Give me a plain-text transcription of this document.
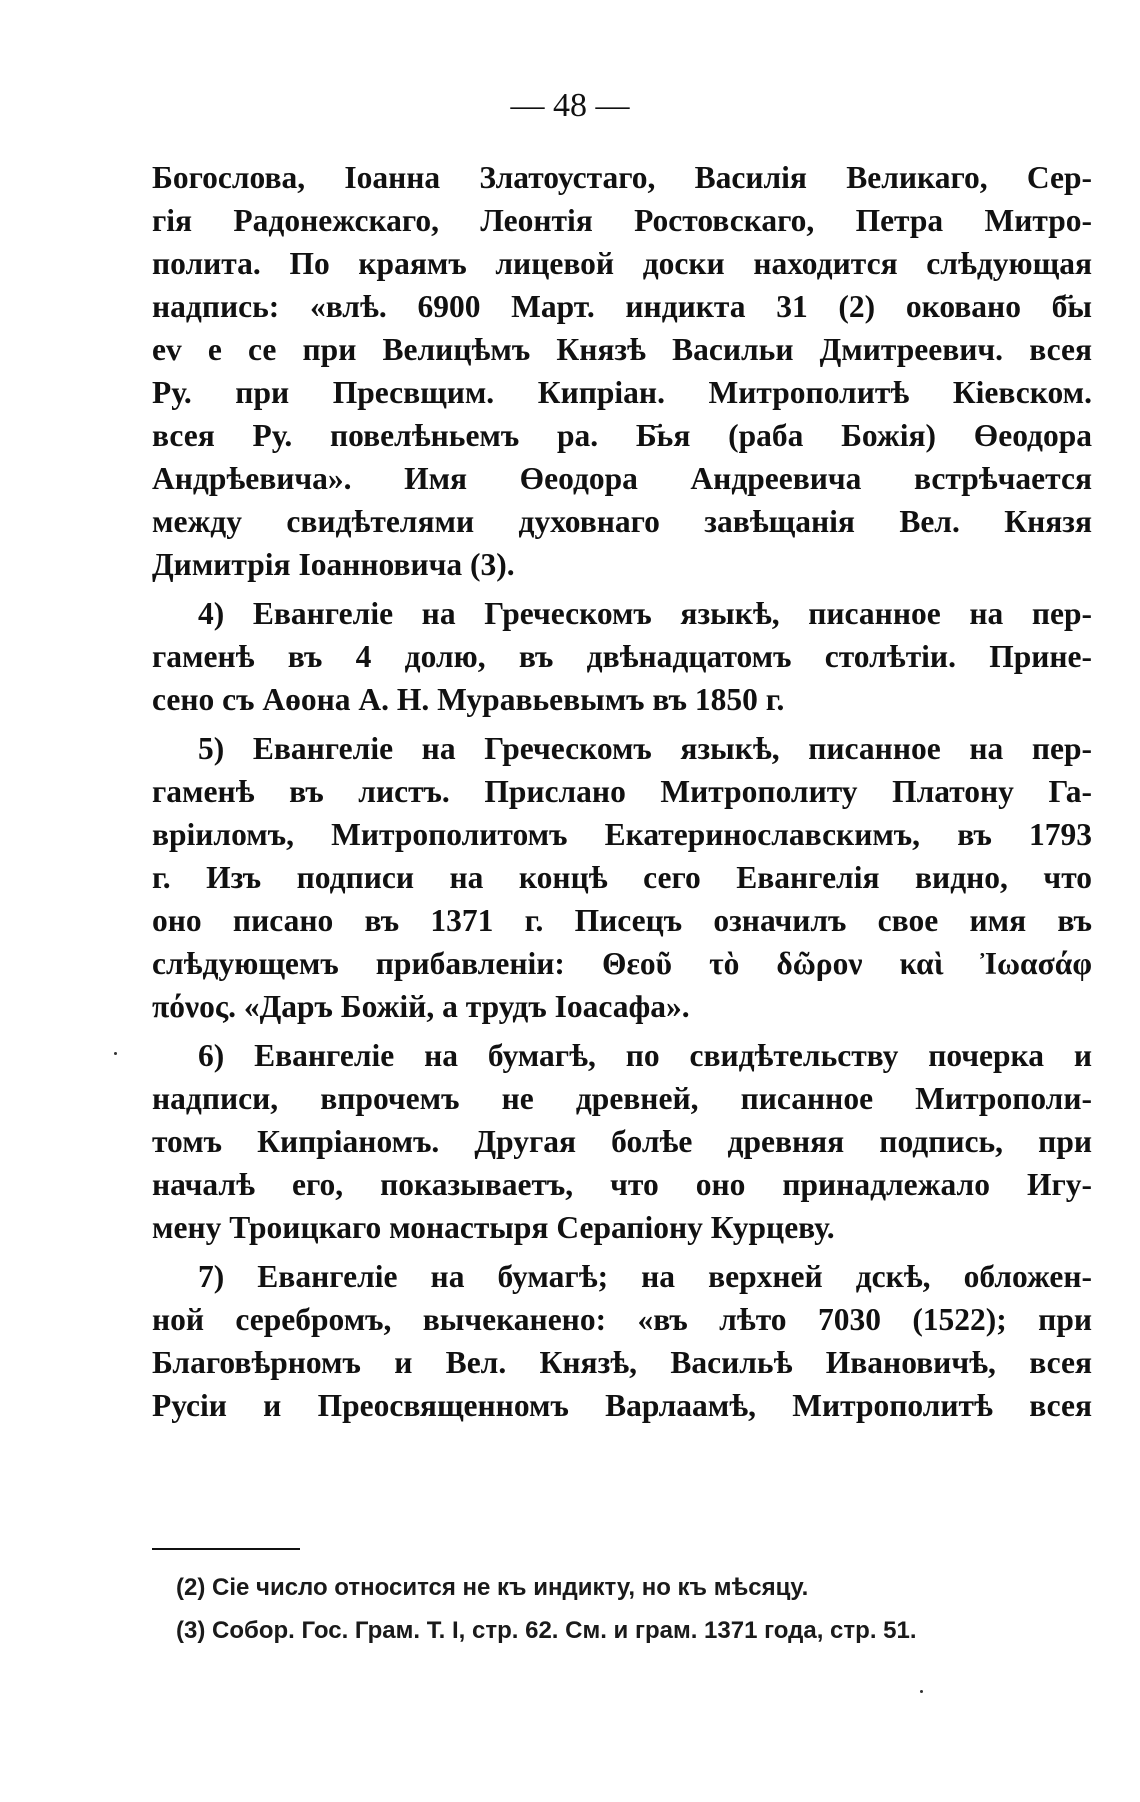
— 48 —
Богослова, Іоанна Златоустаго, Василія Великаго, Сер-
гія Радонежскаго, Леонтія Ростовскаго, Петра Митро-
полита. По краямъ лицевой доски находится слѣдующая
надпись: «влѣ. 6900 Март. индикта 31 (2) оковано б҃ы
еv е се при Велицѣмъ Князѣ Васильи Дмитреевич. всея
Ру. при Пресвщим. Кипріан. Митрополитѣ Кіевском.
всея Ру. повелѣньемъ ра. Б҃ья (раба Божія) Өеодора
Андрѣевича». Имя Өеодора Андреевича встрѣчается
между свидѣтелями духовнаго завѣщанія Вел. Князя
Димитрія Іоанновича (3).
4) Евангеліе на Греческомъ языкѣ, писанное на пер-
гаменѣ въ 4 долю, въ двѣнадцатомъ столѣтіи. Прине-
сено съ Аөона А. Н. Муравьевымъ въ 1850 г.
5) Евангеліе на Греческомъ языкѣ, писанное на пер-
гаменѣ въ листъ. Прислано Митрополиту Платону Га-
вріиломъ, Митрополитомъ Екатеринославскимъ, въ 1793
г. Изъ подписи на концѣ сего Евангелія видно, что
оно писано въ 1371 г. Писецъ означилъ свое имя въ
слѣдующемъ прибавленіи: Θεοῦ τὸ δῶρον καὶ Ἰωασάφ
πόνος. «Даръ Божій, а трудъ Іоасафа».
6) Евангеліе на бумагѣ, по свидѣтельству почерка и
надписи, впрочемъ не древней, писанное Митрополи-
томъ Кипріаномъ. Другая болѣе древняя подпись, при
началѣ его, показываетъ, что оно принадлежало Игу-
мену Троицкаго монастыря Серапіону Курцеву.
7) Евангеліе на бумагѣ; на верхней дскѣ, обложен-
ной серебромъ, вычеканено: «въ лѣто 7030 (1522); при
Благовѣрномъ и Вел. Князѣ, Васильѣ Ивановичѣ, всея
Русіи и Преосвященномъ Варлаамѣ, Митрополитѣ всея
(2) Сіе число относится не къ индикту, но къ мѣсяцу.
(3) Собор. Гос. Грам. Т. I, стр. 62. См. и грам. 1371 года, стр. 51.
